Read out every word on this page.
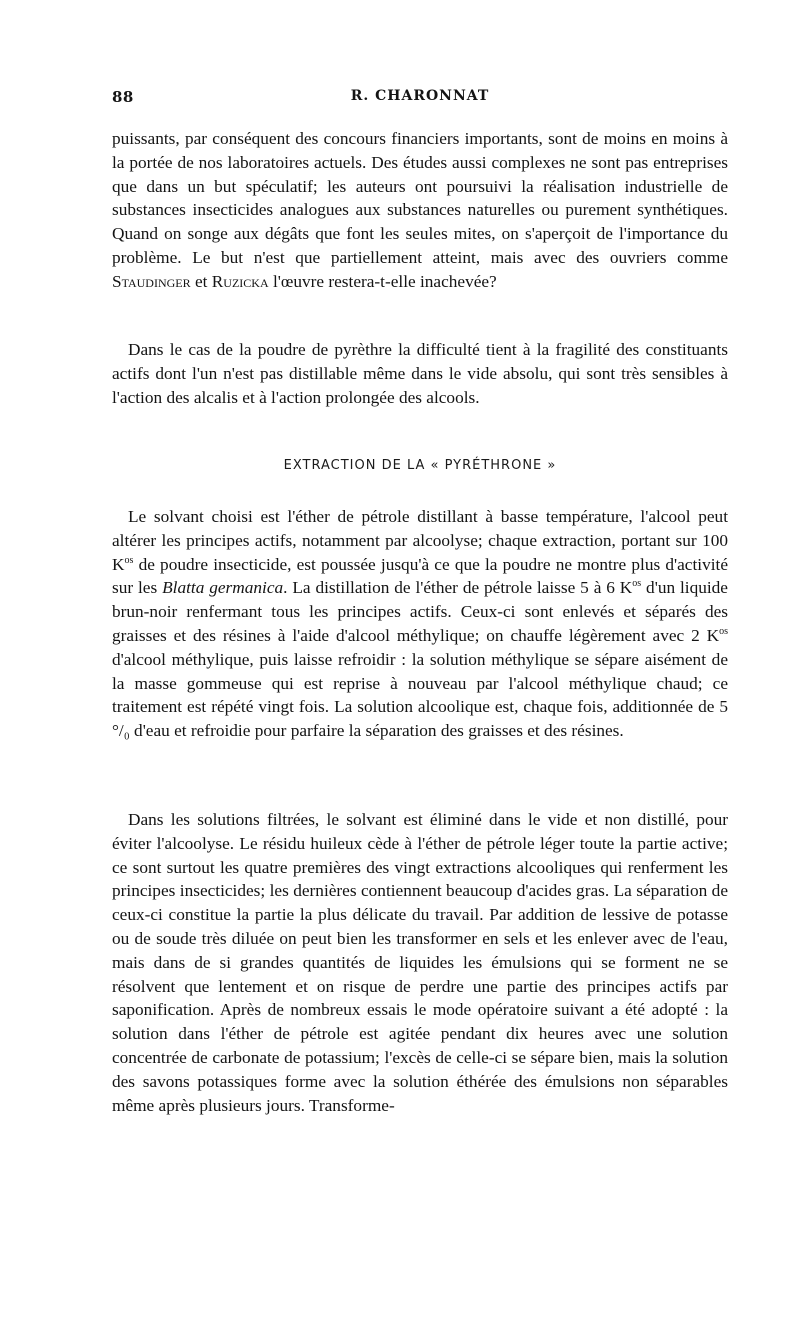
88	R. CHARONNAT

puissants, par conséquent des concours financiers importants, sont de moins en moins à la portée de nos laboratoires actuels. Des études aussi complexes ne sont pas entreprises que dans un but spéculatif; les auteurs ont poursuivi la réalisation industrielle de substances insecticides analogues aux substances naturelles ou purement synthétiques. Quand on songe aux dégâts que font les seules mites, on s'aperçoit de l'importance du problème. Le but n'est que partiellement atteint, mais avec des ouvriers comme Staudinger et Ruzicka l'œuvre restera-t-elle inachevée?

Dans le cas de la poudre de pyrèthre la difficulté tient à la fragilité des constituants actifs dont l'un n'est pas distillable même dans le vide absolu, qui sont très sensibles à l'action des alcalis et à l'action prolongée des alcools.

EXTRACTION DE LA « PYRÉTHRONE »

Le solvant choisi est l'éther de pétrole distillant à basse température, l'alcool peut altérer les principes actifs, notamment par alcoolyse; chaque extraction, portant sur 100 $K^{os}$ de poudre insecticide, est poussée jusqu'à ce que la poudre ne montre plus d'activité sur les Blatta germanica. La distillation de l'éther de pétrole laisse 5 à 6 $K^{os}$ d'un liquide brun-noir renfermant tous les principes actifs. Ceux-ci sont enlevés et séparés des graisses et des résines à l'aide d'alcool méthylique; on chauffe légèrement avec 2 $K^{os}$ d'alcool méthylique, puis laisse refroidir : la solution méthylique se sépare aisément de la masse gommeuse qui est reprise à nouveau par l'alcool méthylique chaud; ce traitement est répété vingt fois. La solution alcoolique est, chaque fois, additionnée de 5 °/₀ d'eau et refroidie pour parfaire la séparation des graisses et des résines.

Dans les solutions filtrées, le solvant est éliminé dans le vide et non distillé, pour éviter l'alcoolyse. Le résidu huileux cède à l'éther de pétrole léger toute la partie active; ce sont surtout les quatre premières des vingt extractions alcooliques qui renferment les principes insecticides; les dernières contiennent beaucoup d'acides gras. La séparation de ceux-ci constitue la partie la plus délicate du travail. Par addition de lessive de potasse ou de soude très diluée on peut bien les transformer en sels et les enlever avec de l'eau, mais dans de si grandes quantités de liquides les émulsions qui se forment ne se résolvent que lentement et on risque de perdre une partie des principes actifs par saponification. Après de nombreux essais le mode opératoire suivant a été adopté : la solution dans l'éther de pétrole est agitée pendant dix heures avec une solution concentrée de carbonate de potassium; l'excès de celle-ci se sépare bien, mais la solution des savons potassiques forme avec la solution éthérée des émulsions non séparables même après plusieurs jours. Transforme-
